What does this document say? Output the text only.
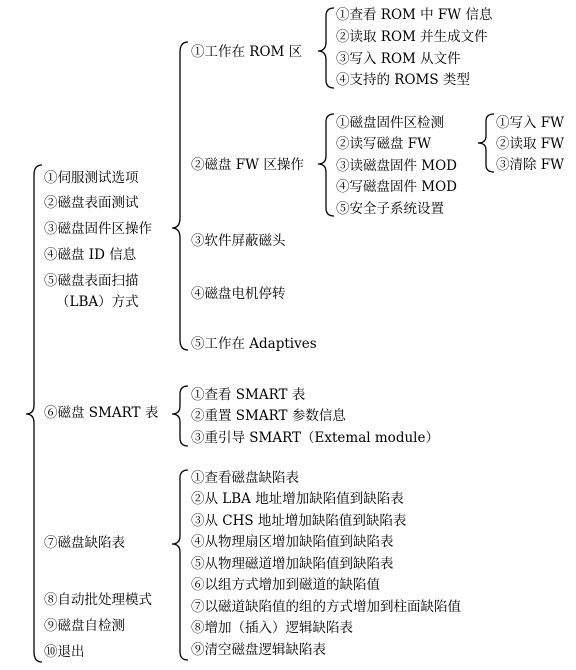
①伺服测试选项
②磁盘表面测试
③磁盘固件区操作
④磁盘 ID 信息
⑤磁盘表面扫描
（LBA）方式
⑥磁盘 SMART 表
⑦磁盘缺陷表
⑧自动批处理模式
⑨磁盘自检测
⑩退出
①工作在 ROM 区
②磁盘 FW 区操作
③软件屏蔽磁头
④磁盘电机停转
⑤工作在 Adaptives
①查看 ROM 中 FW 信息
②读取 ROM 并生成文件
③写入 ROM 从文件
④支持的 ROMS 类型
①磁盘固件区检测
②读写磁盘 FW
③读磁盘固件 MOD
④写磁盘固件 MOD
⑤安全子系统设置
①写入 FW
②读取 FW
③清除 FW
①查看 SMART 表
②重置 SMART 参数信息
③重引导 SMART（Extemal module）
①查看磁盘缺陷表
②从 LBA 地址增加缺陷值到缺陷表
③从 CHS 地址增加缺陷值到缺陷表
④从物理扇区增加缺陷值到缺陷表
⑤从物理磁道增加缺陷值到缺陷表
⑥以组方式增加到磁道的缺陷值
⑦以磁道缺陷值的组的方式增加到柱面缺陷值
⑧增加（插入）逻辑缺陷表
⑨清空磁盘逻辑缺陷表
